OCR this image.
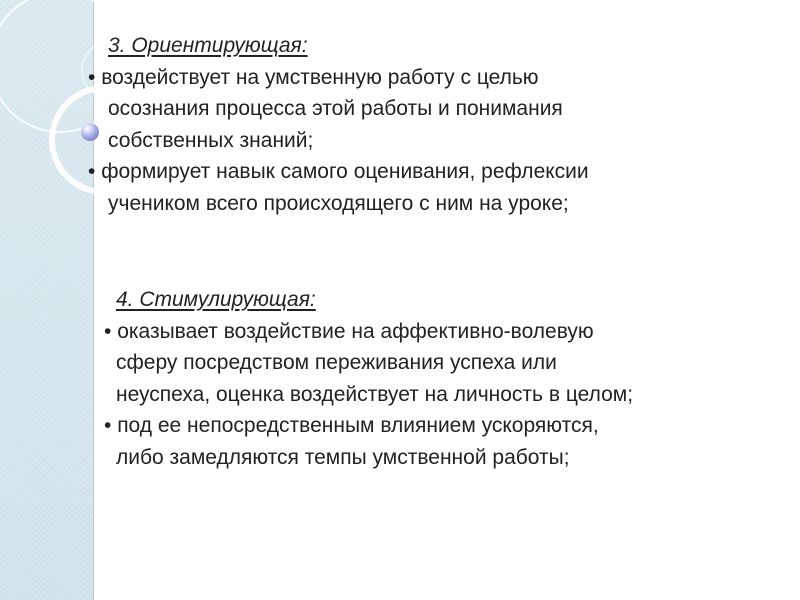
3. Ориентирующая:
• воздействует на умственную работу с целью
осознания процесса этой работы и понимания
собственных знаний;
• формирует навык самого оценивания, рефлексии
учеником всего происходящего с ним на уроке;
4. Стимулирующая:
• оказывает воздействие на аффективно-волевую
сферу посредством переживания успеха или
неуспеха, оценка воздействует на личность в целом;
• под ее непосредственным влиянием ускоряются,
либо замедляются темпы умственной работы;
